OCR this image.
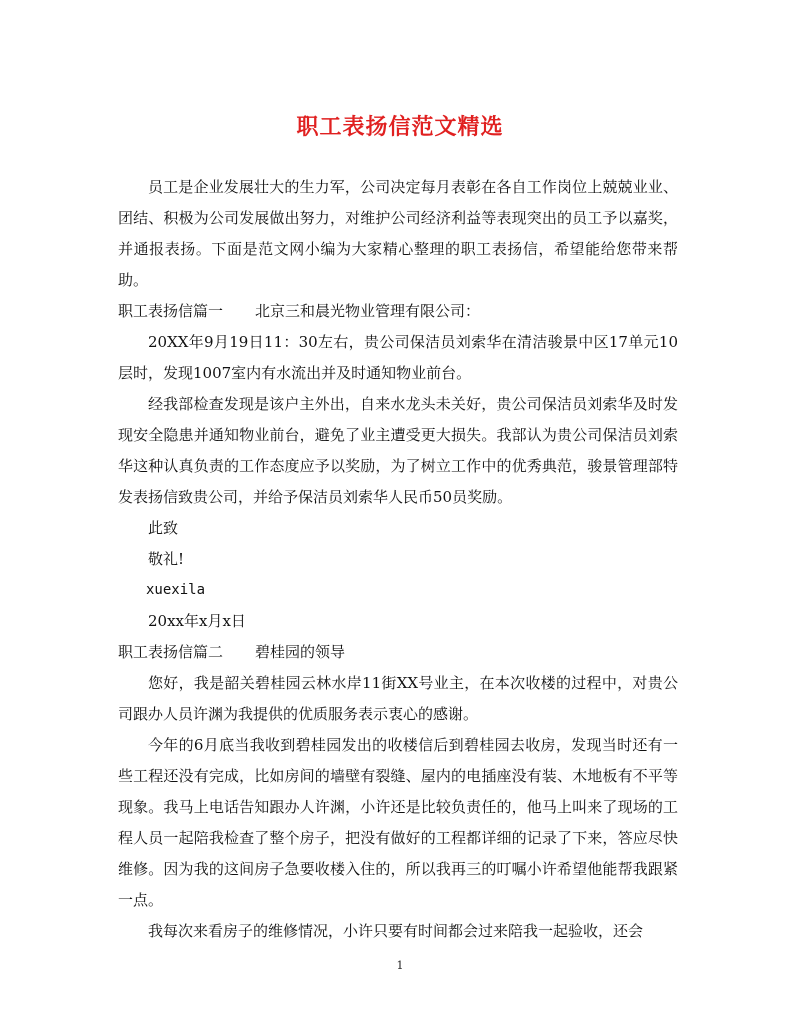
职工表扬信范文精选

员工是企业发展壮大的生力军，公司决定每月表彰在各自工作岗位上兢兢业业、团结、积极为公司发展做出努力，对维护公司经济利益等表现突出的员工予以嘉奖，并通报表扬。下面是范文网小编为大家精心整理的职工表扬信，希望能给您带来帮助。

职工表扬信篇一 北京三和晨光物业管理有限公司：

20XX年9月19日11：30左右，贵公司保洁员刘索华在清洁骏景中区17单元10层时，发现1007室内有水流出并及时通知物业前台。

经我部检查发现是该户主外出，自来水龙头未关好，贵公司保洁员刘索华及时发现安全隐患并通知物业前台，避免了业主遭受更大损失。我部认为贵公司保洁员刘索华这种认真负责的工作态度应予以奖励，为了树立工作中的优秀典范，骏景管理部特发表扬信致贵公司，并给予保洁员刘索华人民币50员奖励。

此致

敬礼!

xuexila

20xx年x月x日

职工表扬信篇二 碧桂园的领导

您好，我是韶关碧桂园云林水岸11街XX号业主，在本次收楼的过程中，对贵公司跟办人员许渊为我提供的优质服务表示衷心的感谢。

今年的6月底当我收到碧桂园发出的收楼信后到碧桂园去收房，发现当时还有一些工程还没有完成，比如房间的墙壁有裂缝、屋内的电插座没有装、木地板有不平等现象。我马上电话告知跟办人许渊，小许还是比较负责任的，他马上叫来了现场的工程人员一起陪我检查了整个房子，把没有做好的工程都详细的记录了下来，答应尽快维修。因为我的这间房子急要收楼入住的，所以我再三的叮嘱小许希望他能帮我跟紧一点。

我每次来看房子的维修情况，小许只要有时间都会过来陪我一起验收，还会

1
